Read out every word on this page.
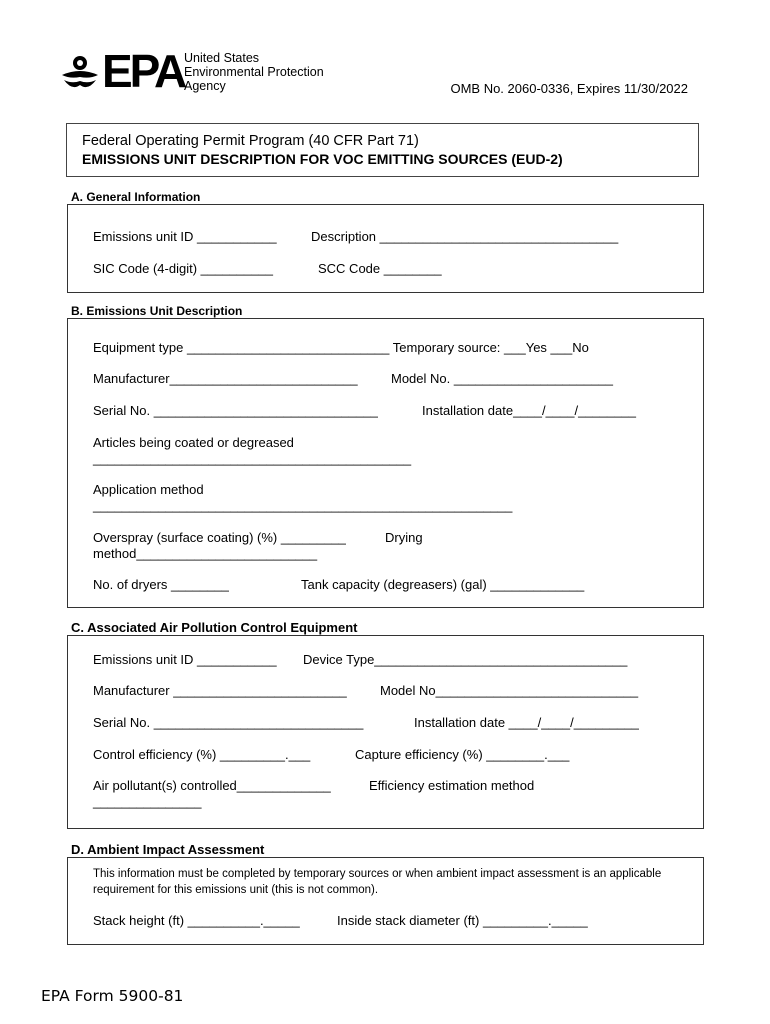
EPA United States
Environmental Protection
Agency	OMB No. 2060-0336, Expires 11/30/2022
Federal Operating Permit Program (40 CFR Part 71)
EMISSIONS UNIT DESCRIPTION FOR VOC EMITTING SOURCES (EUD-2)
A. General Information
Emissions unit ID ___________	Description _________________________________
SIC Code (4-digit) __________	SCC Code ________
B. Emissions Unit Description
Equipment type ____________________________ Temporary source: ___Yes ___No
Manufacturer__________________________	Model No. ______________________
Serial No. _______________________________	Installation date____/____/________
Articles being coated or degreased
____________________________________________
Application method
__________________________________________________________
Overspray (surface coating) (%) _________	Drying
method_________________________
No. of dryers ________	Tank capacity (degreasers) (gal) _____________
C. Associated Air Pollution Control Equipment
Emissions unit ID ___________ Device Type___________________________________
Manufacturer ________________________	Model No____________________________
Serial No. _____________________________	Installation date ____/____/_________
Control efficiency (%) _________.___	Capture efficiency (%) ________.___
Air pollutant(s) controlled_____________	Efficiency estimation method
_______________
D. Ambient Impact Assessment
This information must be completed by temporary sources or when ambient impact assessment is an applicable requirement for this emissions unit (this is not common).
Stack height (ft) __________._____	Inside stack diameter (ft) _________._____
EPA Form 5900-81
